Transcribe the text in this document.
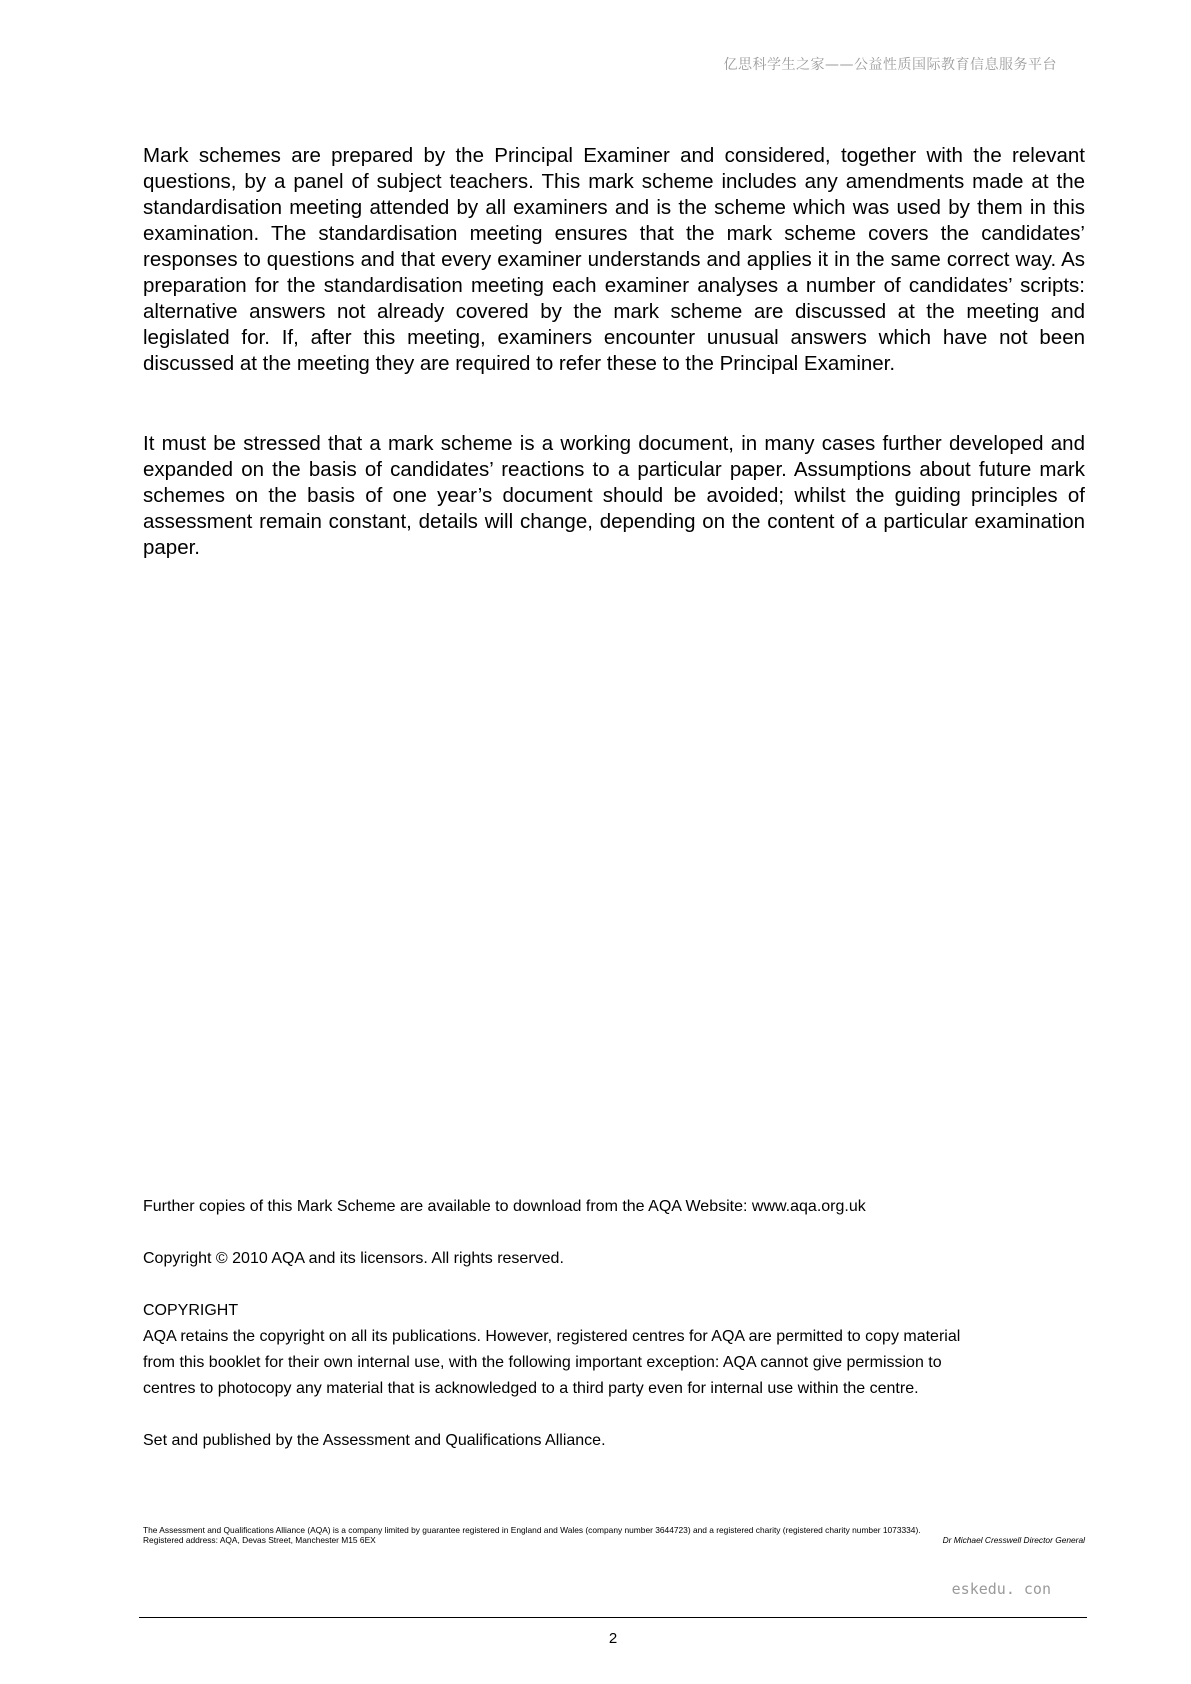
亿思科学生之家——公益性质国际教育信息服务平台

Mark schemes are prepared by the Principal Examiner and considered, together with the relevant questions, by a panel of subject teachers. This mark scheme includes any amendments made at the standardisation meeting attended by all examiners and is the scheme which was used by them in this examination. The standardisation meeting ensures that the mark scheme covers the candidates’ responses to questions and that every examiner understands and applies it in the same correct way. As preparation for the standardisation meeting each examiner analyses a number of candidates’ scripts: alternative answers not already covered by the mark scheme are discussed at the meeting and legislated for. If, after this meeting, examiners encounter unusual answers which have not been discussed at the meeting they are required to refer these to the Principal Examiner.

It must be stressed that a mark scheme is a working document, in many cases further developed and expanded on the basis of candidates’ reactions to a particular paper. Assumptions about future mark schemes on the basis of one year’s document should be avoided; whilst the guiding principles of assessment remain constant, details will change, depending on the content of a particular examination paper.

Further copies of this Mark Scheme are available to download from the AQA Website: www.aqa.org.uk

Copyright © 2010 AQA and its licensors. All rights reserved.

COPYRIGHT

AQA retains the copyright on all its publications. However, registered centres for AQA are permitted to copy material

from this booklet for their own internal use, with the following important exception: AQA cannot give permission to

centres to photocopy any material that is acknowledged to a third party even for internal use within the centre.

Set and published by the Assessment and Qualifications Alliance.

The Assessment and Qualifications Alliance (AQA) is a company limited by guarantee registered in England and Wales (company number 3644723) and a registered charity (registered charity number 1073334).
Registered address: AQA, Devas Street, Manchester M15 6EX	Dr Michael Cresswell Director General
eskedu. con
2
